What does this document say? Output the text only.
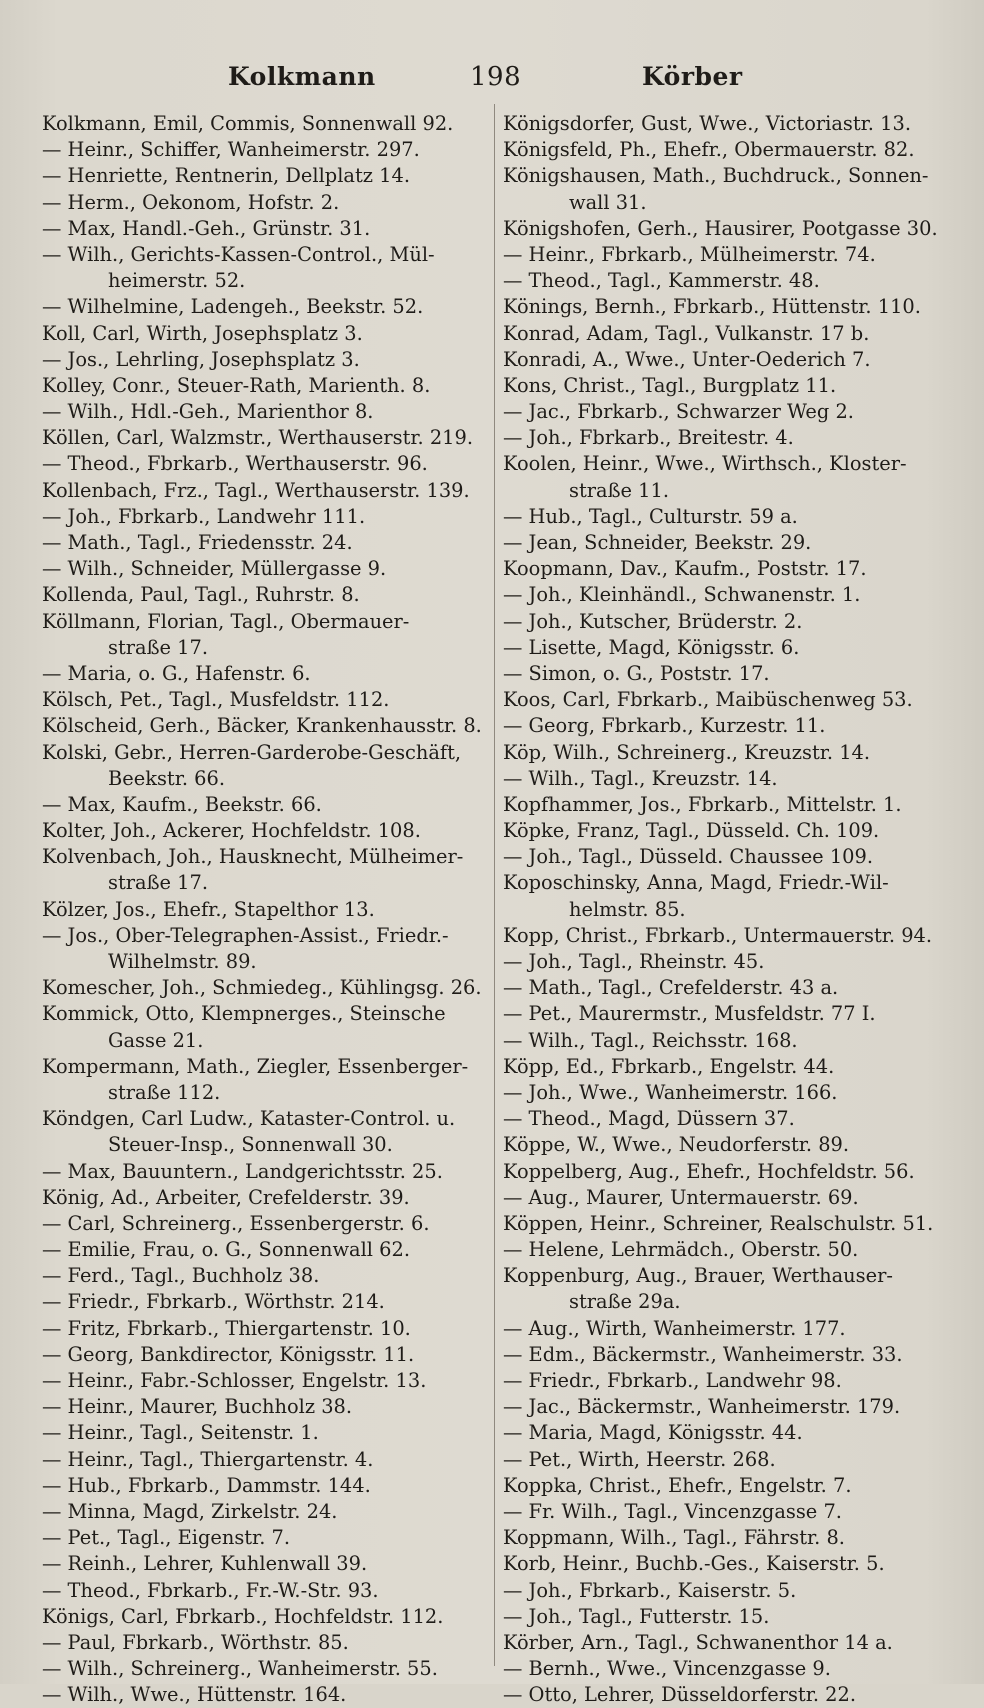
Kolkmann	198	Körber
Kolkmann, Emil, Commis, Sonnenwall 92.
— Heinr., Schiffer, Wanheimerstr. 297.
— Henriette, Rentnerin, Dellplatz 14.
— Herm., Oekonom, Hofstr. 2.
— Max, Handl.-Geh., Grünstr. 31.
— Wilh., Gerichts-Kassen-Control., Mül-
heimerstr. 52.
— Wilhelmine, Ladengeh., Beekstr. 52.
Koll, Carl, Wirth, Josephsplatz 3.
— Jos., Lehrling, Josephsplatz 3.
Kolley, Conr., Steuer-Rath, Marienth. 8.
— Wilh., Hdl.-Geh., Marienthor 8.
Köllen, Carl, Walzmstr., Werthauserstr. 219.
— Theod., Fbrkarb., Werthauserstr. 96.
Kollenbach, Frz., Tagl., Werthauserstr. 139.
— Joh., Fbrkarb., Landwehr 111.
— Math., Tagl., Friedensstr. 24.
— Wilh., Schneider, Müllergasse 9.
Kollenda, Paul, Tagl., Ruhrstr. 8.
Köllmann, Florian, Tagl., Obermauer-
straße 17.
— Maria, o. G., Hafenstr. 6.
Kölsch, Pet., Tagl., Musfeldstr. 112.
Kölscheid, Gerh., Bäcker, Krankenhausstr. 8.
Kolski, Gebr., Herren-Garderobe-Geschäft,
Beekstr. 66.
— Max, Kaufm., Beekstr. 66.
Kolter, Joh., Ackerer, Hochfeldstr. 108.
Kolvenbach, Joh., Hausknecht, Mülheimer-
straße 17.
Kölzer, Jos., Ehefr., Stapelthor 13.
— Jos., Ober-Telegraphen-Assist., Friedr.-
Wilhelmstr. 89.
Komescher, Joh., Schmiedeg., Kühlingsg. 26.
Kommick, Otto, Klempnerges., Steinsche
Gasse 21.
Kompermann, Math., Ziegler, Essenberger-
straße 112.
Köndgen, Carl Ludw., Kataster-Control. u.
Steuer-Insp., Sonnenwall 30.
— Max, Bauuntern., Landgerichtsstr. 25.
König, Ad., Arbeiter, Crefelderstr. 39.
— Carl, Schreinerg., Essenbergerstr. 6.
— Emilie, Frau, o. G., Sonnenwall 62.
— Ferd., Tagl., Buchholz 38.
— Friedr., Fbrkarb., Wörthstr. 214.
— Fritz, Fbrkarb., Thiergartenstr. 10.
— Georg, Bankdirector, Königsstr. 11.
— Heinr., Fabr.-Schlosser, Engelstr. 13.
— Heinr., Maurer, Buchholz 38.
— Heinr., Tagl., Seitenstr. 1.
— Heinr., Tagl., Thiergartenstr. 4.
— Hub., Fbrkarb., Dammstr. 144.
— Minna, Magd, Zirkelstr. 24.
— Pet., Tagl., Eigenstr. 7.
— Reinh., Lehrer, Kuhlenwall 39.
— Theod., Fbrkarb., Fr.-W.-Str. 93.
Königs, Carl, Fbrkarb., Hochfeldstr. 112.
— Paul, Fbrkarb., Wörthstr. 85.
— Wilh., Schreinerg., Wanheimerstr. 55.
— Wilh., Wwe., Hüttenstr. 164.
Königsdorfer, Gust, Wwe., Victoriastr. 13.
Königsfeld, Ph., Ehefr., Obermauerstr. 82.
Königshausen, Math., Buchdruck., Sonnen-
wall 31.
Königshofen, Gerh., Hausirer, Pootgasse 30.
— Heinr., Fbrkarb., Mülheimerstr. 74.
— Theod., Tagl., Kammerstr. 48.
Könings, Bernh., Fbrkarb., Hüttenstr. 110.
Konrad, Adam, Tagl., Vulkanstr. 17 b.
Konradi, A., Wwe., Unter-Oederich 7.
Kons, Christ., Tagl., Burgplatz 11.
— Jac., Fbrkarb., Schwarzer Weg 2.
— Joh., Fbrkarb., Breitestr. 4.
Koolen, Heinr., Wwe., Wirthsch., Kloster-
straße 11.
— Hub., Tagl., Culturstr. 59 a.
— Jean, Schneider, Beekstr. 29.
Koopmann, Dav., Kaufm., Poststr. 17.
— Joh., Kleinhändl., Schwanenstr. 1.
— Joh., Kutscher, Brüderstr. 2.
— Lisette, Magd, Königsstr. 6.
— Simon, o. G., Poststr. 17.
Koos, Carl, Fbrkarb., Maibüschenweg 53.
— Georg, Fbrkarb., Kurzestr. 11.
Köp, Wilh., Schreinerg., Kreuzstr. 14.
— Wilh., Tagl., Kreuzstr. 14.
Kopfhammer, Jos., Fbrkarb., Mittelstr. 1.
Köpke, Franz, Tagl., Düsseld. Ch. 109.
— Joh., Tagl., Düsseld. Chaussee 109.
Koposchinsky, Anna, Magd, Friedr.-Wil-
helmstr. 85.
Kopp, Christ., Fbrkarb., Untermauerstr. 94.
— Joh., Tagl., Rheinstr. 45.
— Math., Tagl., Crefelderstr. 43 a.
— Pet., Maurermstr., Musfeldstr. 77 I.
— Wilh., Tagl., Reichsstr. 168.
Köpp, Ed., Fbrkarb., Engelstr. 44.
— Joh., Wwe., Wanheimerstr. 166.
— Theod., Magd, Düssern 37.
Köppe, W., Wwe., Neudorferstr. 89.
Koppelberg, Aug., Ehefr., Hochfeldstr. 56.
— Aug., Maurer, Untermauerstr. 69.
Köppen, Heinr., Schreiner, Realschulstr. 51.
— Helene, Lehrmädch., Oberstr. 50.
Koppenburg, Aug., Brauer, Werthauser-
straße 29a.
— Aug., Wirth, Wanheimerstr. 177.
— Edm., Bäckermstr., Wanheimerstr. 33.
— Friedr., Fbrkarb., Landwehr 98.
— Jac., Bäckermstr., Wanheimerstr. 179.
— Maria, Magd, Königsstr. 44.
— Pet., Wirth, Heerstr. 268.
Koppka, Christ., Ehefr., Engelstr. 7.
— Fr. Wilh., Tagl., Vincenzgasse 7.
Koppmann, Wilh., Tagl., Fährstr. 8.
Korb, Heinr., Buchb.-Ges., Kaiserstr. 5.
— Joh., Fbrkarb., Kaiserstr. 5.
— Joh., Tagl., Futterstr. 15.
Körber, Arn., Tagl., Schwanenthor 14 a.
— Bernh., Wwe., Vincenzgasse 9.
— Otto, Lehrer, Düsseldorferstr. 22.
